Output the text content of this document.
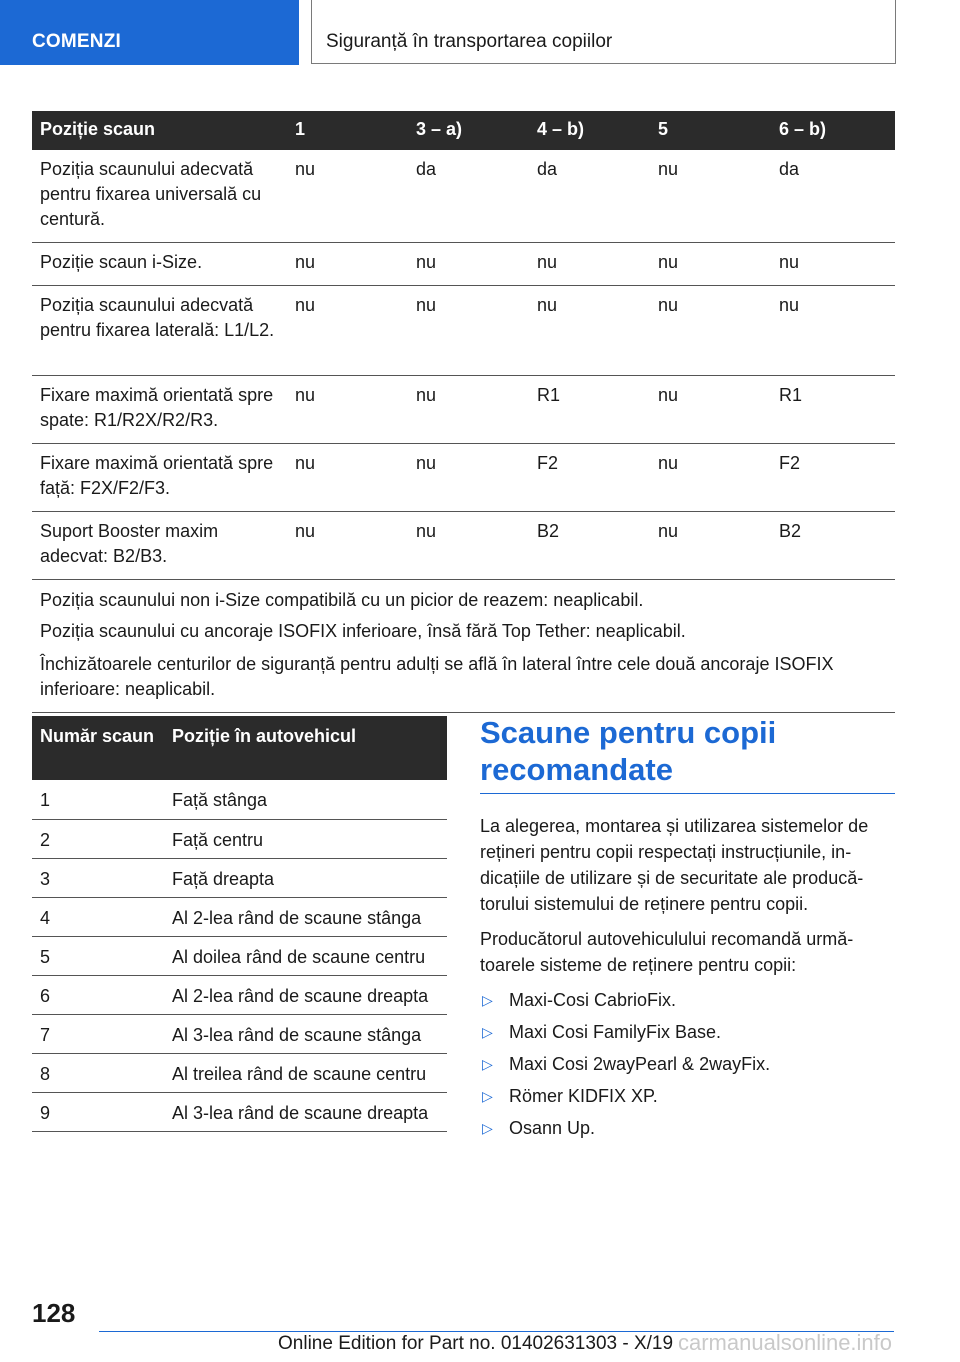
COMENZI	Siguranță în transportarea copiilor
Poziție scaun	1	3 – a)	4 – b)	5	6 – b)
Poziția scaunului adecvată pentru fixarea universală cu centură.	nu	da	da	nu	da
Poziție scaun i-Size.	nu	nu	nu	nu	nu
Poziția scaunului adecvată pentru fixarea laterală: L1/L2.	nu	nu	nu	nu	nu
Fixare maximă orientată spre spate: R1/R2X/R2/R3.	nu	nu	R1	nu	R1
Fixare maximă orientată spre față: F2X/F2/F3.	nu	nu	F2	nu	F2
Suport Booster maxim adecvat: B2/B3.	nu	nu	B2	nu	B2
Poziția scaunului non i-Size compatibilă cu un picior de reazem: neaplicabil.					
Poziția scaunului cu ancoraje ISOFIX inferioare, însă fără Top Tether: neaplicabil.					
Închizătoarele centurilor de siguranță pentru adulți se află în lateral între cele două ancoraje ISOFIX inferioare: neaplicabil.					
Număr scaun	Poziție în autovehicul
1	Față stânga
2	Față centru
3	Față dreapta
4	Al 2-lea rând de scaune stânga
5	Al doilea rând de scaune centru
6	Al 2-lea rând de scaune dreapta
7	Al 3-lea rând de scaune stânga
8	Al treilea rând de scaune centru
9	Al 3-lea rând de scaune dreapta
Scaune pentru copii recomandate

La alegerea, montarea și utilizarea sistemelor de rețineri pentru copii respectați instrucțiunile, indicațiile de utilizare și de securitate ale producătorului sistemului de reținere pentru copii.

Producătorul autovehiculului recomandă următoarele sisteme de reținere pentru copii:

▷ Maxi-Cosi CabrioFix.
▷ Maxi Cosi FamilyFix Base.
▷ Maxi Cosi 2wayPearl & 2wayFix.
▷ Römer KIDFIX XP.
▷ Osann Up.
128
Online Edition for Part no. 01402631303 - X/19 carmanualsonline.info
